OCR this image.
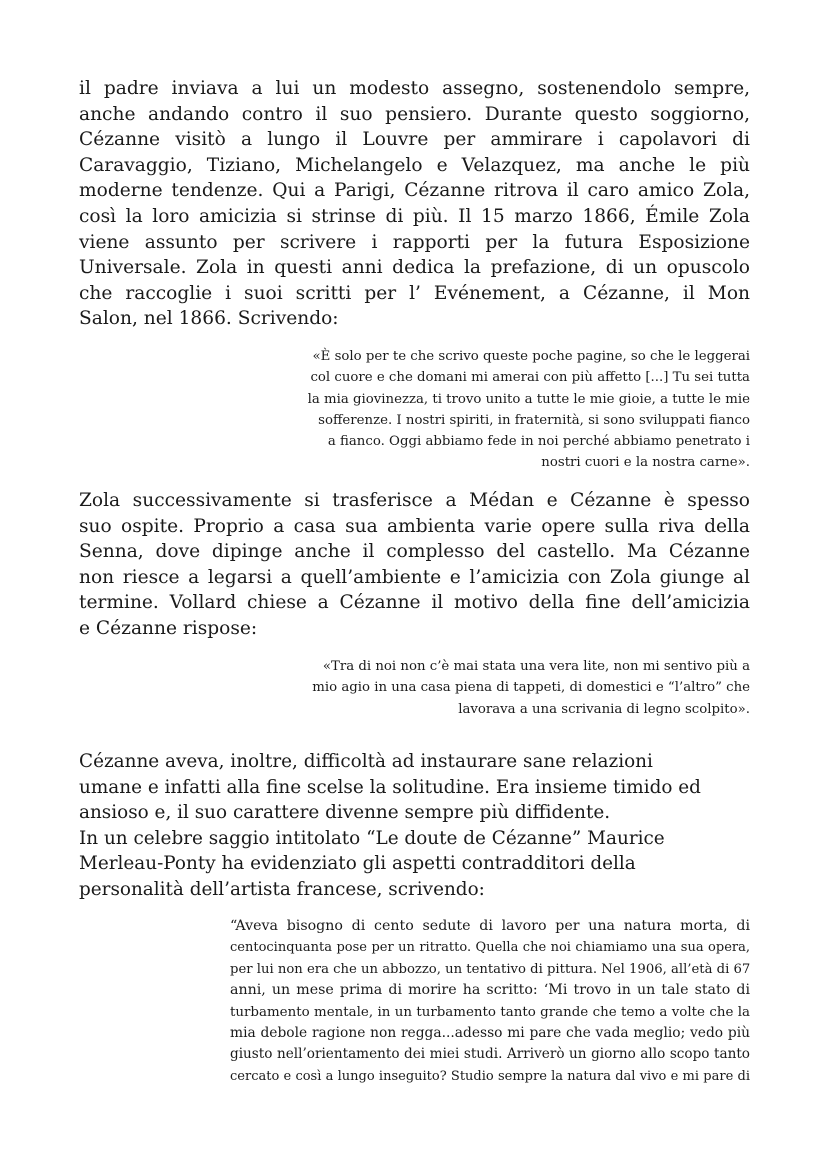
il padre inviava a lui un modesto assegno, sostenendolo sempre,
anche andando contro il suo pensiero. Durante questo soggiorno,
Cézanne visitò a lungo il Louvre per ammirare i capolavori di
Caravaggio, Tiziano, Michelangelo e Velazquez, ma anche le più
moderne tendenze. Qui a Parigi, Cézanne ritrova il caro amico Zola,
così la loro amicizia si strinse di più. Il 15 marzo 1866, Émile Zola
viene assunto per scrivere i rapporti per la futura Esposizione
Universale. Zola in questi anni dedica la prefazione, di un opuscolo
che raccoglie i suoi scritti per l’ Evénement, a Cézanne, il Mon
Salon, nel 1866. Scrivendo:
«È solo per te che scrivo queste poche pagine, so che le leggerai
col cuore e che domani mi amerai con più affetto [...] Tu sei tutta
la mia giovinezza, ti trovo unito a tutte le mie gioie, a tutte le mie
sofferenze. I nostri spiriti, in fraternità, si sono sviluppati fianco
a fianco. Oggi abbiamo fede in noi perché abbiamo penetrato i
nostri cuori e la nostra carne».
Zola successivamente si trasferisce a Médan e Cézanne è spesso
suo ospite. Proprio a casa sua ambienta varie opere sulla riva della
Senna, dove dipinge anche il complesso del castello. Ma Cézanne
non riesce a legarsi a quell’ambiente e l’amicizia con Zola giunge al
termine. Vollard chiese a Cézanne il motivo della fine dell’amicizia
e Cézanne rispose:
«Tra di noi non c’è mai stata una vera lite, non mi sentivo più a
mio agio in una casa piena di tappeti, di domestici e “l’altro” che
lavorava a una scrivania di legno scolpito».
Cézanne aveva, inoltre, difficoltà ad instaurare sane relazioni
umane e infatti alla fine scelse la solitudine. Era insieme timido ed
ansioso e, il suo carattere divenne sempre più diffidente.
In un celebre saggio intitolato “Le doute de Cézanne” Maurice
Merleau-Ponty ha evidenziato gli aspetti contradditori della
personalità dell’artista francese, scrivendo:
“Aveva bisogno di cento sedute di lavoro per una natura morta, di
centocinquanta pose per un ritratto. Quella che noi chiamiamo una sua opera,
per lui non era che un abbozzo, un tentativo di pittura. Nel 1906, all’età di 67
anni, un mese prima di morire ha scritto: ‘Mi trovo in un tale stato di
turbamento mentale, in un turbamento tanto grande che temo a volte che la
mia debole ragione non regga...adesso mi pare che vada meglio; vedo più
giusto nell’orientamento dei miei studi. Arriverò un giorno allo scopo tanto
cercato e così a lungo inseguito? Studio sempre la natura dal vivo e mi pare di
